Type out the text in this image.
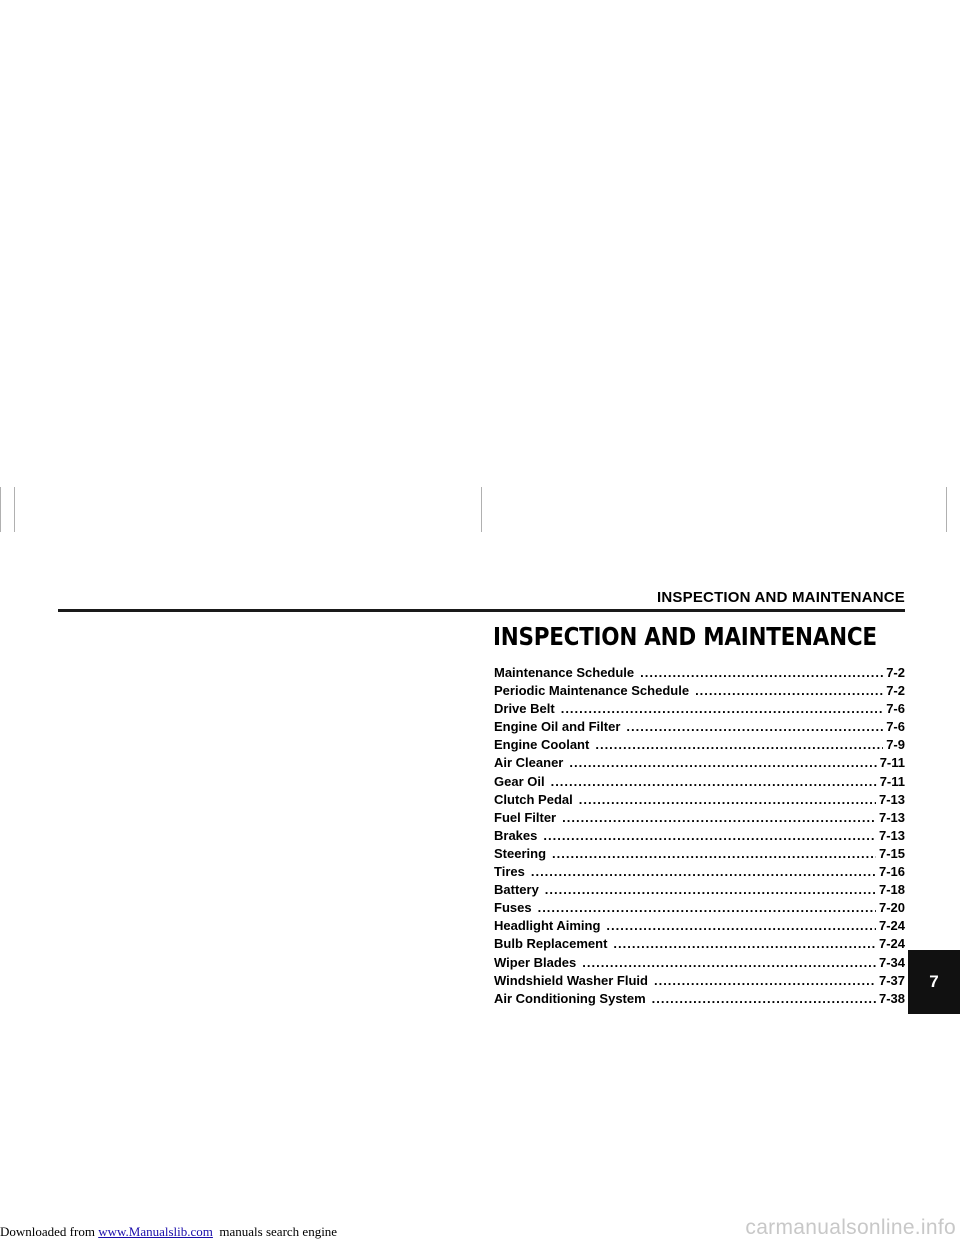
INSPECTION AND MAINTENANCE
INSPECTION AND MAINTENANCE
Maintenance Schedule .....	7-2
Periodic Maintenance Schedule .....	7-2
Drive Belt .....	7-6
Engine Oil and Filter .....	7-6
Engine Coolant .....	7-9
Air Cleaner .....	7-11
Gear Oil .....	7-11
Clutch Pedal .....	7-13
Fuel Filter .....	7-13
Brakes .....	7-13
Steering .....	7-15
Tires .....	7-16
Battery .....	7-18
Fuses .....	7-20
Headlight Aiming .....	7-24
Bulb Replacement .....	7-24
Wiper Blades .....	7-34
Windshield Washer Fluid .....	7-37
Air Conditioning System .....	7-38
7
Downloaded from www.Manualslib.com  manuals search engine	carmanualsonline.info
